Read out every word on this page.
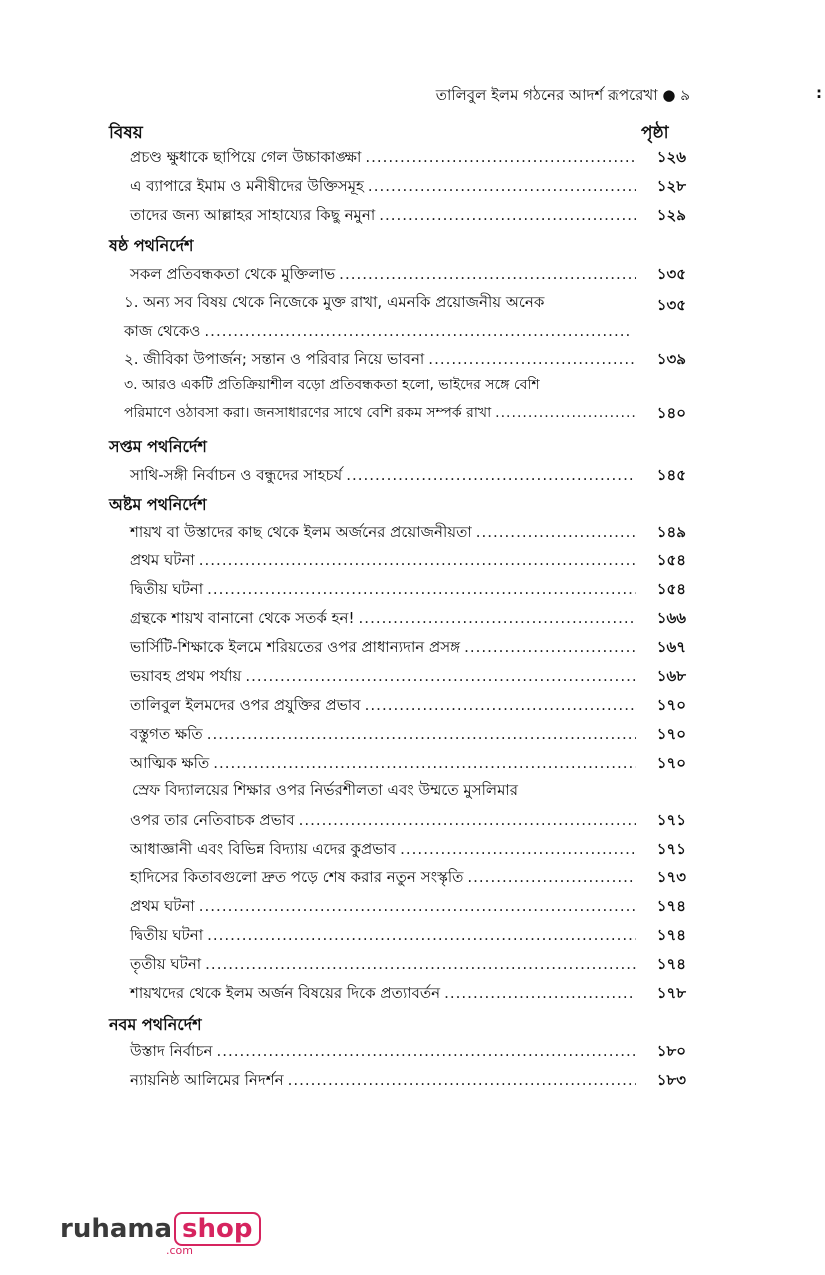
তালিবুল ইলম গঠনের আদর্শ রূপরেখা ● ৯	:
বিষয়	পৃষ্ঠা
প্রচণ্ড ক্ষুধাকে ছাপিয়ে গেল উচ্চাকাঙ্ক্ষা .....	১২৬
এ ব্যাপারে ইমাম ও মনীষীদের উক্তিসমূহ .....	১২৮
তাদের জন্য আল্লাহর সাহায্যের কিছু নমুনা .....	১২৯
ষষ্ঠ পথনির্দেশ
সকল প্রতিবন্ধকতা থেকে মুক্তিলাভ .....	১৩৫
১. অন্য সব বিষয় থেকে নিজেকে মুক্ত রাখা, এমনকি প্রয়োজনীয় অনেক	১৩৫
কাজ থেকেও
.....
২. জীবিকা উপার্জন; সন্তান ও পরিবার নিয়ে ভাবনা .....	১৩৯
৩. আরও একটি প্রতিক্রিয়াশীল বড়ো প্রতিবন্ধকতা হলো, ভাইদের সঙ্গে বেশি
পরিমাণে ওঠাবসা করা। জনসাধারণের সাথে বেশি রকম সম্পর্ক রাখা .....	১৪০
সপ্তম পথনির্দেশ
সাথি-সঙ্গী নির্বাচন ও বন্ধুদের সাহচর্য .....	১৪৫
অষ্টম পথনির্দেশ
শায়খ বা উস্তাদের কাছ থেকে ইলম অর্জনের প্রয়োজনীয়তা .....	১৪৯
প্রথম ঘটনা .....	১৫৪
দ্বিতীয় ঘটনা .....	১৫৪
গ্রন্থকে শায়খ বানানো থেকে সতর্ক হন! .....	১৬৬
ভার্সিটি-শিক্ষাকে ইলমে শরিয়তের ওপর প্রাধান্যদান প্রসঙ্গ .....	১৬৭
ভয়াবহ প্রথম পর্যায় .....	১৬৮
তালিবুল ইলমদের ওপর প্রযুক্তির প্রভাব .....	১৭০
বস্তুগত ক্ষতি .....	১৭০
আত্মিক ক্ষতি .....	১৭০
স্রেফ বিদ্যালয়ের শিক্ষার ওপর নির্ভরশীলতা এবং উম্মতে মুসলিমার
ওপর তার নেতিবাচক প্রভাব .....	১৭১
আধাজ্ঞানী এবং বিভিন্ন বিদ্যায় এদের কুপ্রভাব .....	১৭১
হাদিসের কিতাবগুলো দ্রুত পড়ে শেষ করার নতুন সংস্কৃতি .....	১৭৩
প্রথম ঘটনা .....	১৭৪
দ্বিতীয় ঘটনা .....	১৭৪
তৃতীয় ঘটনা .....	১৭৪
শায়খদের থেকে ইলম অর্জন বিষয়ের দিকে প্রত্যাবর্তন .....	১৭৮
নবম পথনির্দেশ
উস্তাদ নির্বাচন .....	১৮০
ন্যায়নিষ্ঠ আলিমের নিদর্শন .....	১৮৩
ruhama shop
.com
